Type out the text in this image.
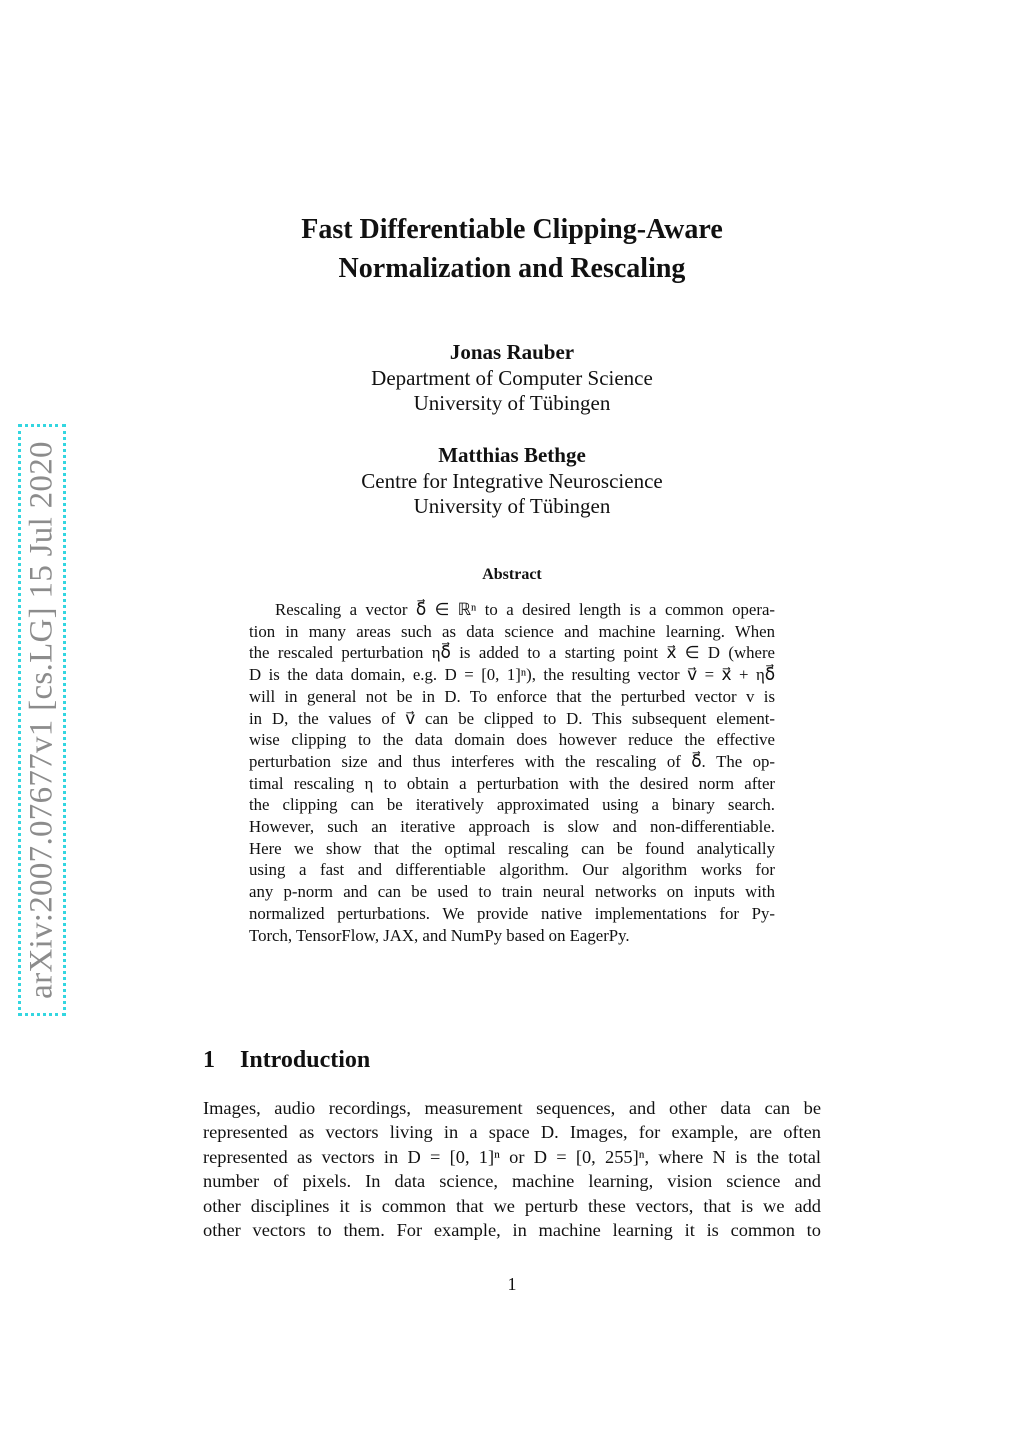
arXiv:2007.07677v1 [cs.LG] 15 Jul 2020
Fast Differentiable Clipping-Aware
Normalization and Rescaling
Jonas Rauber
Department of Computer Science
University of Tübingen
Matthias Bethge
Centre for Integrative Neuroscience
University of Tübingen
Abstract
Rescaling a vector δ⃗ ∈ ℝⁿ to a desired length is a common opera-
tion in many areas such as data science and machine learning. When
the rescaled perturbation ηδ⃗ is added to a starting point x⃗ ∈ D (where
D is the data domain, e.g. D = [0, 1]ⁿ), the resulting vector v⃗ = x⃗ + ηδ⃗
will in general not be in D. To enforce that the perturbed vector v is
in D, the values of v⃗ can be clipped to D. This subsequent element-
wise clipping to the data domain does however reduce the effective
perturbation size and thus interferes with the rescaling of δ⃗. The op-
timal rescaling η to obtain a perturbation with the desired norm after
the clipping can be iteratively approximated using a binary search.
However, such an iterative approach is slow and non-differentiable.
Here we show that the optimal rescaling can be found analytically
using a fast and differentiable algorithm. Our algorithm works for
any p-norm and can be used to train neural networks on inputs with
normalized perturbations. We provide native implementations for Py-
Torch, TensorFlow, JAX, and NumPy based on EagerPy.
1 Introduction
Images, audio recordings, measurement sequences, and other data can be
represented as vectors living in a space D. Images, for example, are often
represented as vectors in D = [0, 1]ⁿ or D = [0, 255]ⁿ, where N is the total
number of pixels. In data science, machine learning, vision science and
other disciplines it is common that we perturb these vectors, that is we add
other vectors to them. For example, in machine learning it is common to
1
